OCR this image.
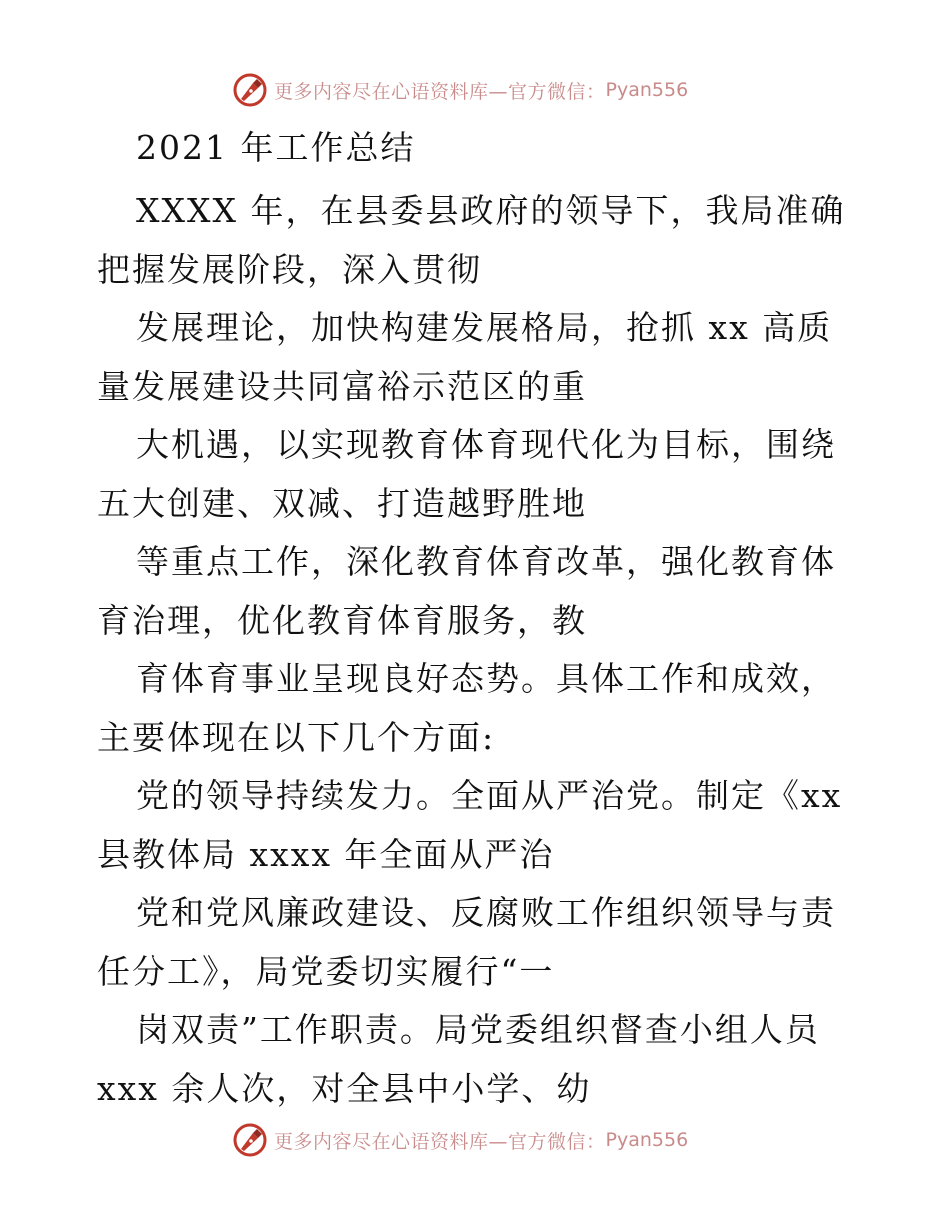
更多内容尽在心语资料库—官方微信： Pyan556
2021 年工作总结

XXXX 年，在县委县政府的领导下，我局准确把握发展阶段，深入贯彻

发展理论，加快构建发展格局，抢抓 xx 高质量发展建设共同富裕示范区的重

大机遇，以实现教育体育现代化为目标，围绕五大创建、双减、打造越野胜地

等重点工作，深化教育体育改革，强化教育体育治理，优化教育体育服务，教

育体育事业呈现良好态势。具体工作和成效，主要体现在以下几个方面:

党的领导持续发力。全面从严治党。制定《xx 县教体局 xxxx 年全面从严治

党和党风廉政建设、反腐败工作组织领导与责任分工》，局党委切实履行“一

岗双责”工作职责。局党委组织督查小组人员 xxx 余人次，对全县中小学、幼

更多内容尽在心语资料库—官方微信： Pyan556
